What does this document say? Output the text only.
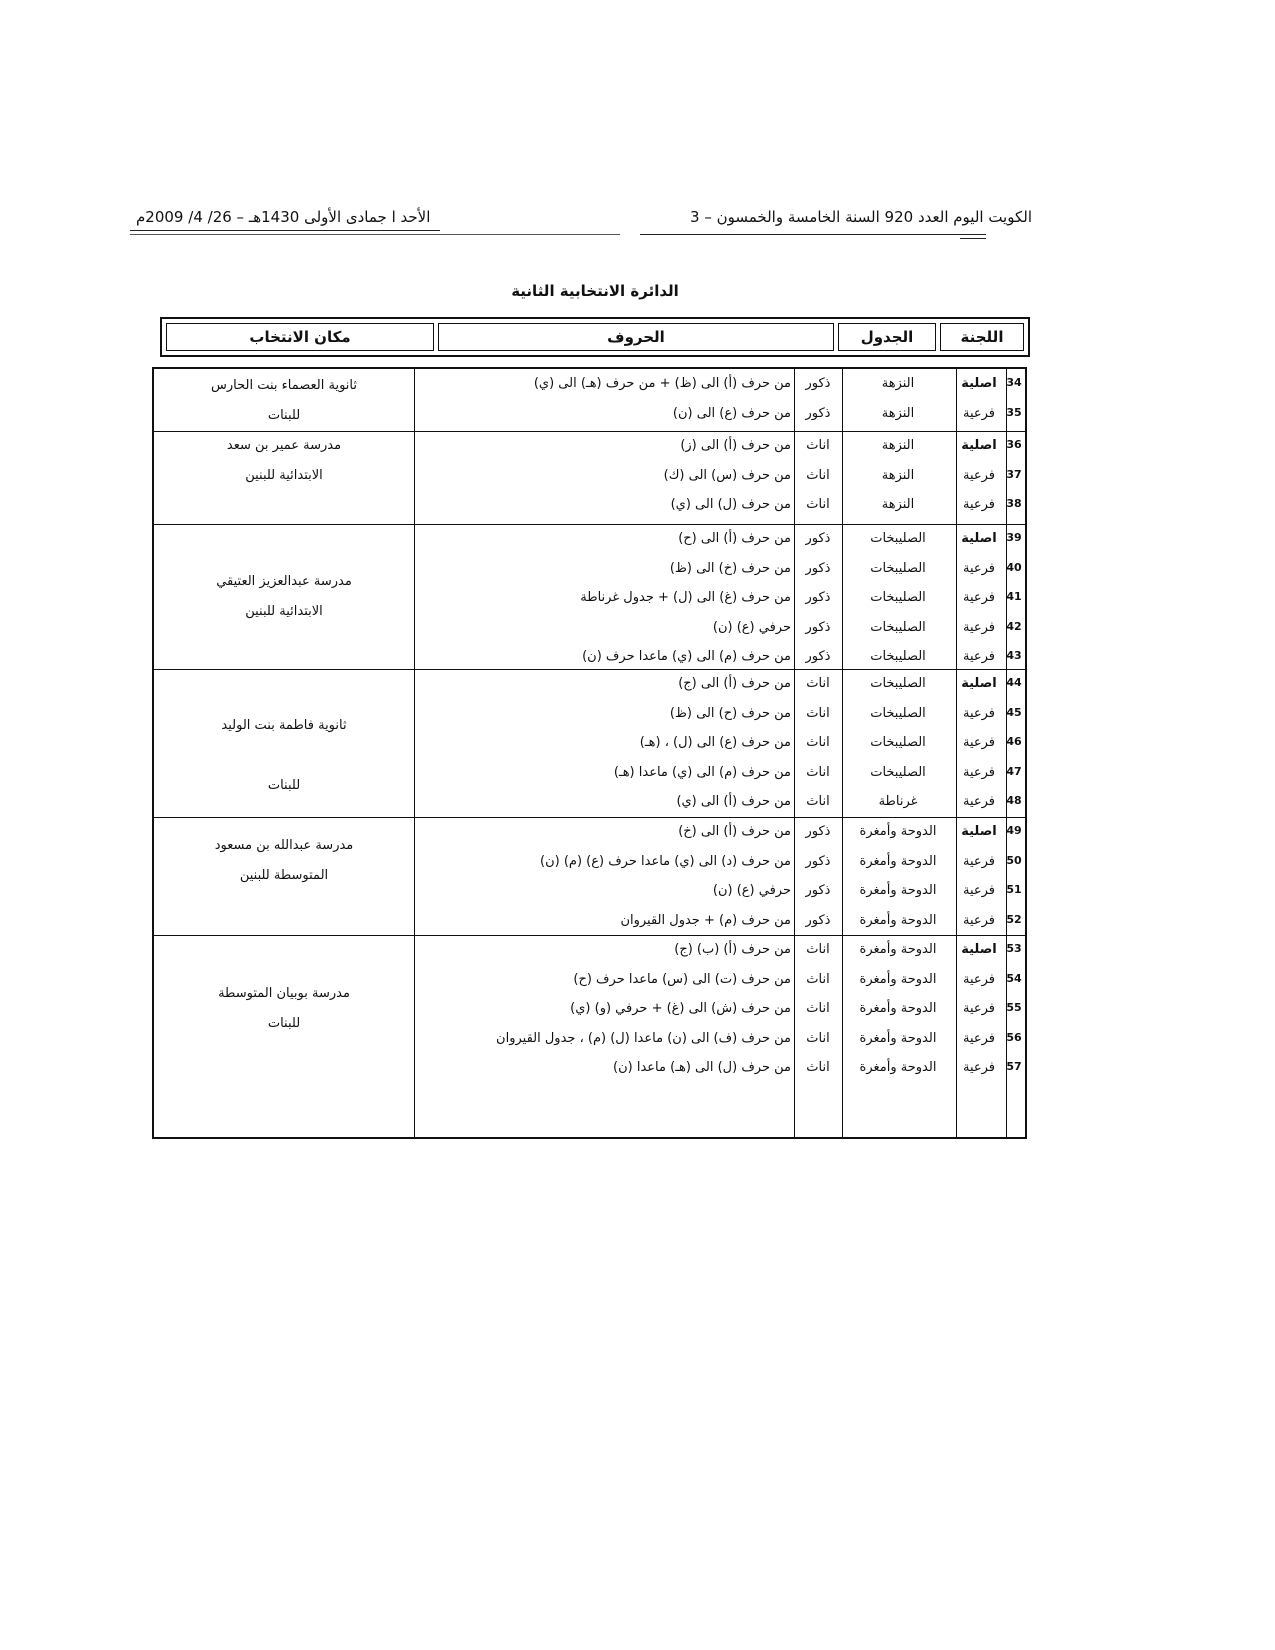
الكويت اليوم العدد 920 السنة الخامسة والخمسون – 3
الأحد ا جمادى الأولى 1430هـ – 26/ 4/ 2009م
الدائرة الانتخابية الثانية
اللجنة
الجدول
الحروف
مكان الانتخاب
34
اصلية
النزهة
ذكور
من حرف (أ) الى (ظ) + من حرف (هـ) الى (ي)
35
فرعية
النزهة
ذكور
من حرف (ع) الى (ن)
36
اصلية
النزهة
اناث
من حرف (أ) الى (ز)
37
فرعية
النزهة
اناث
من حرف (س) الى (ك)
38
فرعية
النزهة
اناث
من حرف (ل) الى (ي)
39
اصلية
الصليبخات
ذكور
من حرف (أ) الى (ح)
40
فرعية
الصليبخات
ذكور
من حرف (خ) الى (ظ)
41
فرعية
الصليبخات
ذكور
من حرف (غ) الى (ل) + جدول غرناطة
42
فرعية
الصليبخات
ذكور
حرفي (ع) (ن)
43
فرعية
الصليبخات
ذكور
من حرف (م) الى (ي) ماعدا حرف (ن)
44
اصلية
الصليبخات
اناث
من حرف (أ) الى (ج)
45
فرعية
الصليبخات
اناث
من حرف (ح) الى (ظ)
46
فرعية
الصليبخات
اناث
من حرف (ع) الى (ل) ، (هـ)
47
فرعية
الصليبخات
اناث
من حرف (م) الى (ي) ماعدا (هـ)
48
فرعية
غرناطة
اناث
من حرف (أ) الى (ي)
49
اصلية
الدوحة وأمغرة
ذكور
من حرف (أ) الى (خ)
50
فرعية
الدوحة وأمغرة
ذكور
من حرف (د) الى (ي) ماعدا حرف (ع) (م) (ن)
51
فرعية
الدوحة وأمغرة
ذكور
حرفي (ع) (ن)
52
فرعية
الدوحة وأمغرة
ذكور
من حرف (م) + جدول القيروان
53
اصلية
الدوحة وأمغرة
اناث
من حرف (أ) (ب) (ج)
54
فرعية
الدوحة وأمغرة
اناث
من حرف (ت) الى (س) ماعدا حرف (ح)
55
فرعية
الدوحة وأمغرة
اناث
من حرف (ش) الى (غ) + حرفي (و) (ي)
56
فرعية
الدوحة وأمغرة
اناث
من حرف (ف) الى (ن) ماعدا (ل) (م) ، جدول القيروان
57
فرعية
الدوحة وأمغرة
اناث
من حرف (ل) الى (هـ) ماعدا (ن)
ثانوية العصماء بنت الحارس
للبنات
مدرسة عمير بن سعد
الابتدائية للبنين
مدرسة عبدالعزيز العتيقي
الابتدائية للبنين
ثانوية فاطمة بنت الوليد
للبنات
مدرسة عبدالله بن مسعود
المتوسطة للبنين
مدرسة بوبيان المتوسطة
للبنات
